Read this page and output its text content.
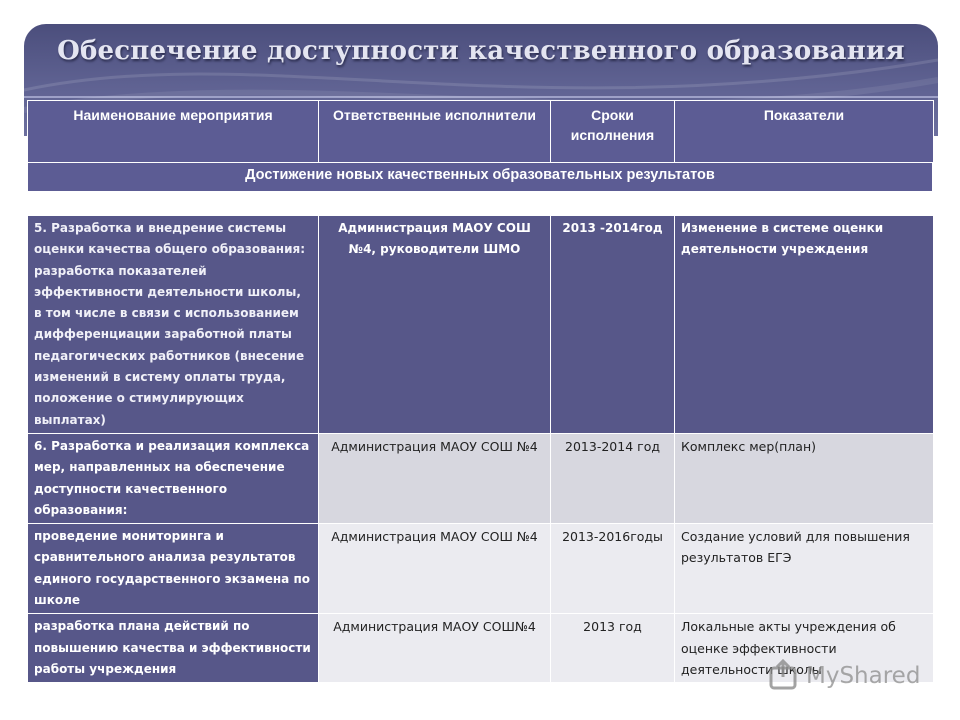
Обеспечение доступности качественного образования
Наименование мероприятия	Ответственные исполнители	Сроки исполнения	Показатели
Достижение новых качественных образовательных результатов
5. Разработка и внедрение системы оценки качества общего образования: разработка показателей эффективности деятельности школы, в том числе в связи с использованием дифференциации заработной платы педагогических работников (внесение изменений в систему оплаты труда, положение о стимулирующих выплатах)	Администрация МАОУ СОШ №4, руководители ШМО	2013 -2014год	Изменение в системе оценки деятельности учреждения
6. Разработка и реализация комплекса мер, направленных на обеспечение доступности качественного образования:	Администрация МАОУ СОШ №4	2013-2014 год	Комплекс мер(план)
проведение мониторинга и сравнительного анализа результатов единого государственного экзамена по школе	Администрация МАОУ СОШ №4	2013-2016годы	Создание условий для повышения результатов ЕГЭ
разработка плана действий по повышению качества и эффективности работы учреждения	Администрация МАОУ СОШ№4	2013 год	Локальные акты учреждения об оценке эффективности деятельности школы
MyShared
